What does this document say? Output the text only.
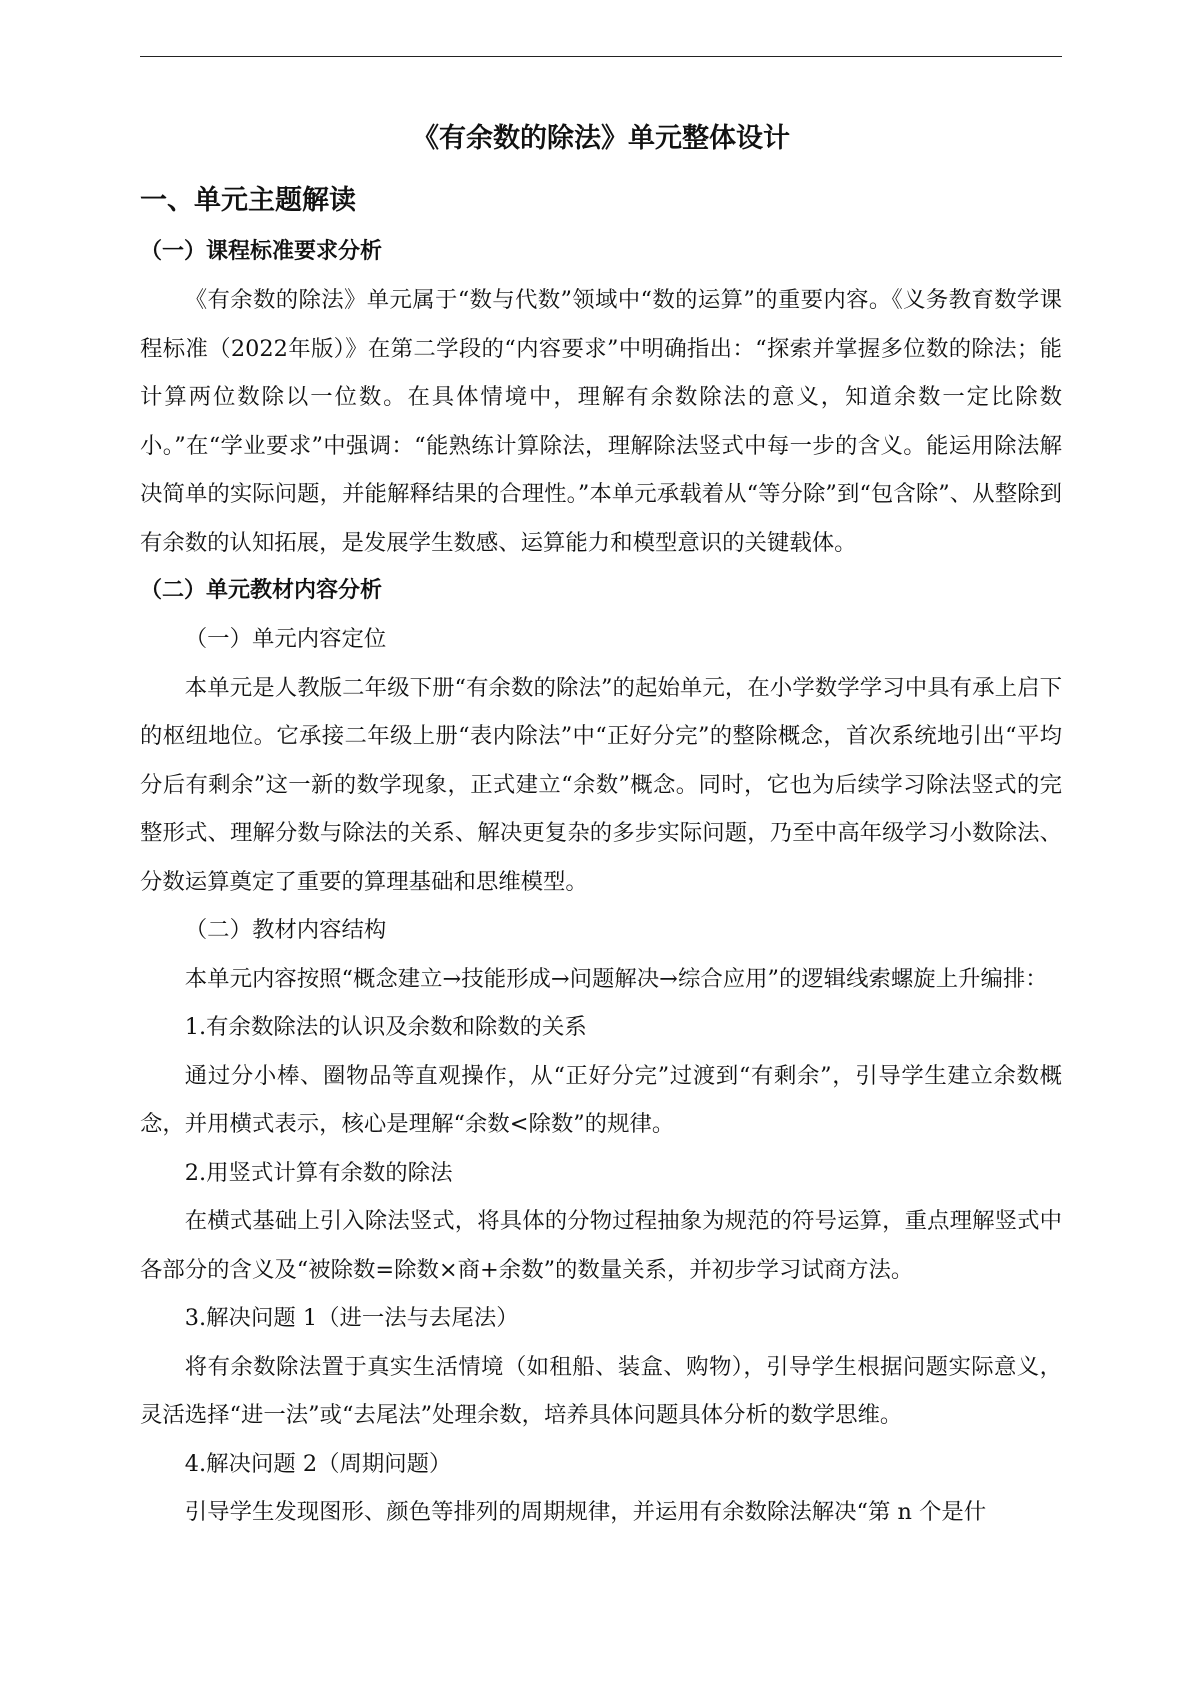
《有余数的除法》单元整体设计
一、单元主题解读
（一）课程标准要求分析

《有余数的除法》单元属于“数与代数”领域中“数的运算”的重要内容。《义务教育数学课程标准（2022年版）》在第二学段的“内容要求”中明确指出：“探索并掌握多位数的除法；能计算两位数除以一位数。在具体情境中，理解有余数除法的意义，知道余数一定比除数小。”在“学业要求”中强调：“能熟练计算除法，理解除法竖式中每一步的含义。能运用除法解决简单的实际问题，并能解释结果的合理性。”本单元承载着从“等分除”到“包含除”、从整除到有余数的认知拓展，是发展学生数感、运算能力和模型意识的关键载体。

（二）单元教材内容分析
（一）单元内容定位

本单元是人教版二年级下册“有余数的除法”的起始单元，在小学数学学习中具有承上启下的枢纽地位。它承接二年级上册“表内除法”中“正好分完”的整除概念，首次系统地引出“平均分后有剩余”这一新的数学现象，正式建立“余数”概念。同时，它也为后续学习除法竖式的完整形式、理解分数与除法的关系、解决更复杂的多步实际问题，乃至中高年级学习小数除法、分数运算奠定了重要的算理基础和思维模型。

（二）教材内容结构

本单元内容按照“概念建立→技能形成→问题解决→综合应用”的逻辑线索螺旋上升编排：

1.有余数除法的认识及余数和除数的关系

通过分小棒、圈物品等直观操作，从“正好分完”过渡到“有剩余”，引导学生建立余数概念，并用横式表示，核心是理解“余数<除数”的规律。

2.用竖式计算有余数的除法

在横式基础上引入除法竖式，将具体的分物过程抽象为规范的符号运算，重点理解竖式中各部分的含义及“被除数=除数×商+余数”的数量关系，并初步学习试商方法。

3.解决问题 1（进一法与去尾法）

将有余数除法置于真实生活情境（如租船、装盒、购物），引导学生根据问题实际意义，灵活选择“进一法”或“去尾法”处理余数，培养具体问题具体分析的数学思维。

4.解决问题 2（周期问题）

引导学生发现图形、颜色等排列的周期规律，并运用有余数除法解决“第 n 个是什
